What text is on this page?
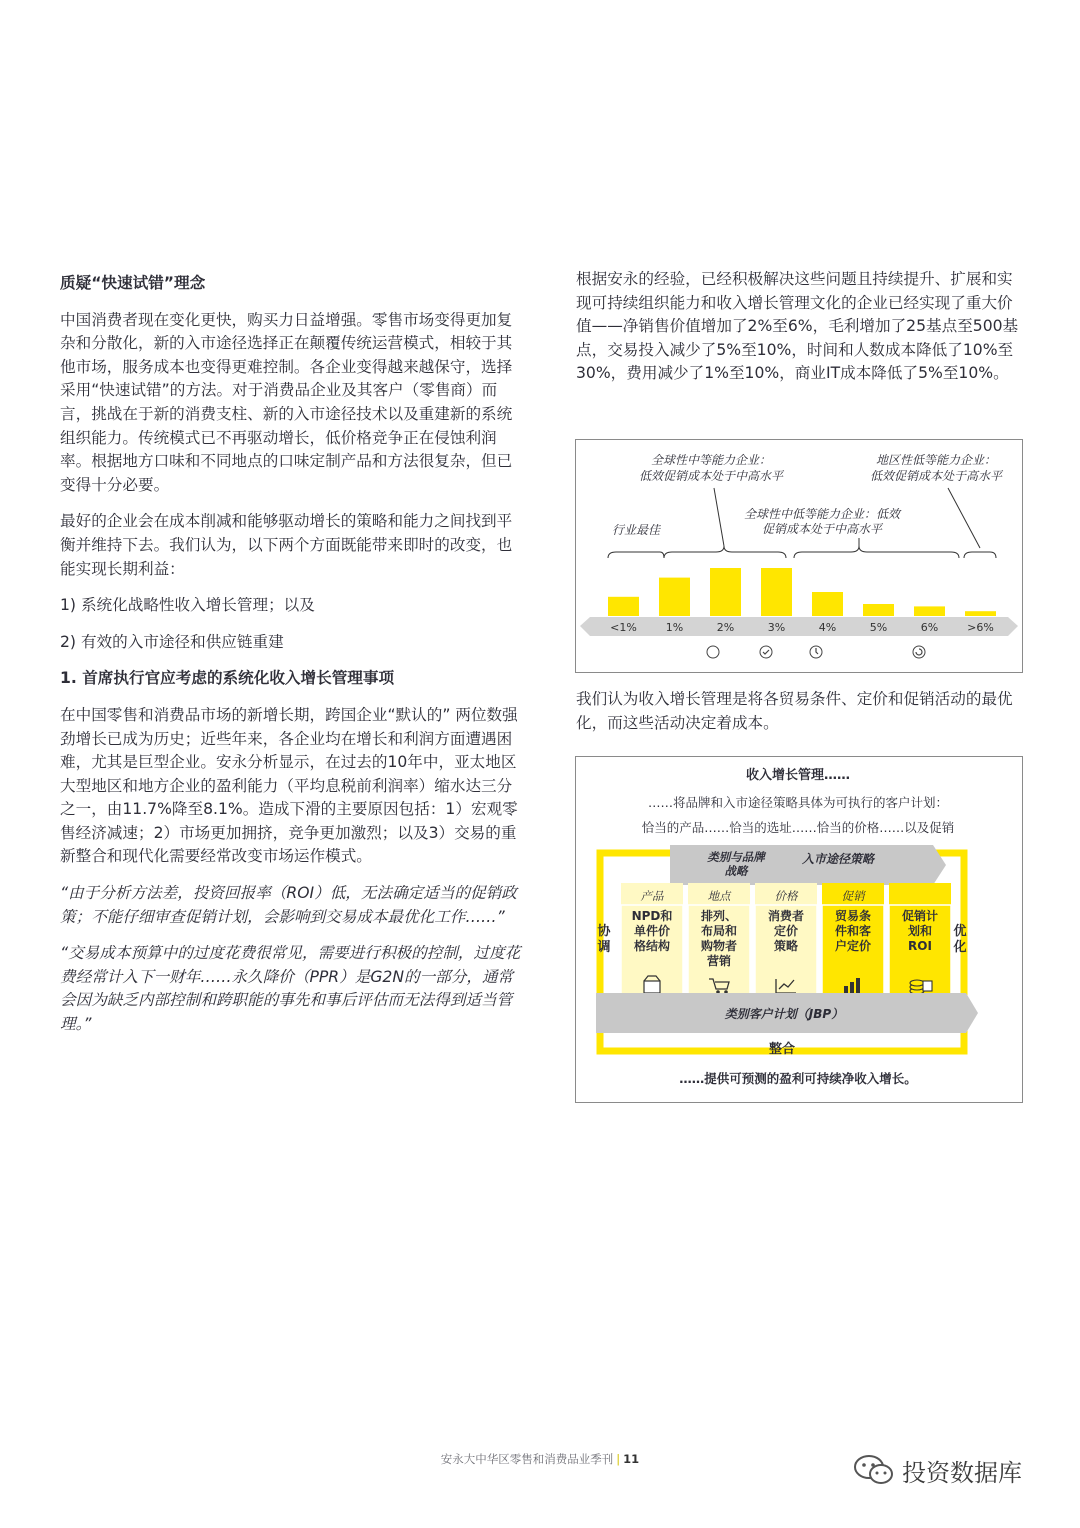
质疑“快速试错”理念

中国消费者现在变化更快，购买力日益增强。零售市场变得更加复杂和分散化，新的入市途径选择正在颠覆传统运营模式，相较于其他市场，服务成本也变得更难控制。各企业变得越来越保守，选择采用“快速试错”的方法。对于消费品企业及其客户（零售商）而言，挑战在于新的消费支柱、新的入市途径技术以及重建新的系统组织能力。传统模式已不再驱动增长，低价格竞争正在侵蚀利润率。根据地方口味和不同地点的口味定制产品和方法很复杂，但已变得十分必要。

最好的企业会在成本削减和能够驱动增长的策略和能力之间找到平衡并维持下去。我们认为，以下两个方面既能带来即时的改变，也能实现长期利益：

1) 系统化战略性收入增长管理；以及

2) 有效的入市途径和供应链重建

1. 首席执行官应考虑的系统化收入增长管理事项

在中国零售和消费品市场的新增长期，跨国企业“默认的” 两位数强劲增长已成为历史；近些年来，各企业均在增长和利润方面遭遇困难，尤其是巨型企业。安永分析显示，在过去的10年中，亚太地区大型地区和地方企业的盈利能力（平均息税前利润率）缩水达三分之一，由11.7%降至8.1%。造成下滑的主要原因包括：1）宏观零售经济减速；2）市场更加拥挤，竞争更加激烈；以及3）交易的重新整合和现代化需要经常改变市场运作模式。

“由于分析方法差，投资回报率（ROI）低，无法确定适当的促销政策；不能仔细审查促销计划，会影响到交易成本最优化工作……”

“交易成本预算中的过度花费很常见，需要进行积极的控制，过度花费经常计入下一财年……永久降价（PPR）是G2N的一部分，通常会因为缺乏内部控制和跨职能的事先和事后评估而无法得到适当管理。”

根据安永的经验，已经积极解决这些问题且持续提升、扩展和实现可持续组织能力和收入增长管理文化的企业已经实现了重大价值——净销售价值增加了2%至6%，毛利增加了25基点至500基点，交易投入减少了5%至10%，时间和人数成本降低了10%至30%，费用减少了1%至10%，商业IT成本降低了5%至10%。

我们认为收入增长管理是将各贸易条件、定价和促销活动的最优化，而这些活动决定着成本。
全球性中等能力企业：
低效促销成本处于中高水平
地区性低等能力企业：
低效促销成本处于高水平
全球性中低等能力企业：低效
促销成本处于中高水平
行业最佳
<1%	1%	2%	3%	4%	5%	6%	>6%
收入增长管理……
……将品牌和入市途径策略具体为可执行的客户计划：
恰当的产品……恰当的选址……恰当的价格……以及促销
类别与品牌
战略
入市途径策略
协
调
优
化
产品
NPD和
单件价
格结构
地点
排列、
布局和
购物者
营销
价格
消费者
定价
策略
促销
贸易条
件和客
户定价
促销计
划和
ROI
类别客户计划（JBP）
整合
……提供可预测的盈利可持续净收入增长。
安永大中华区零售和消费品业季刊 | 11	投资数据库
